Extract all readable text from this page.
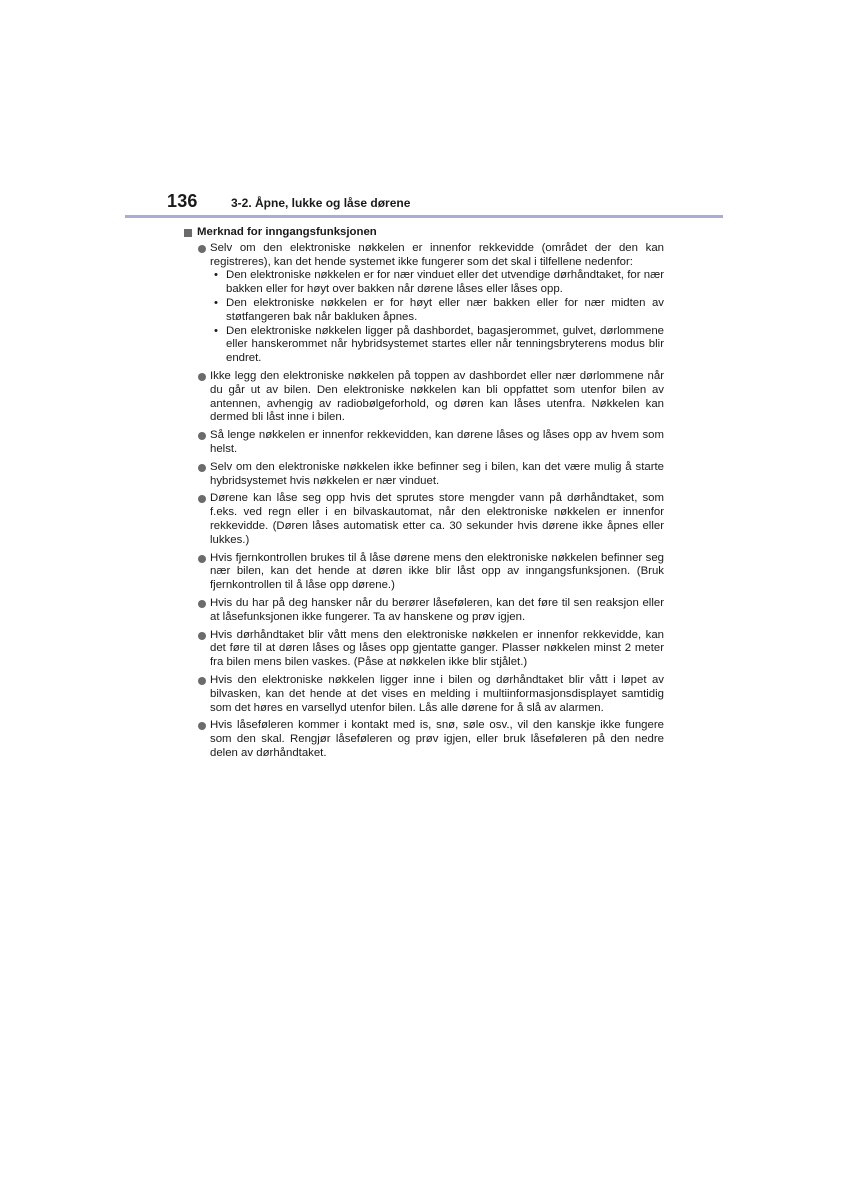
136	3-2. Åpne, lukke og låse dørene
Merknad for inngangsfunksjonen
Selv om den elektroniske nøkkelen er innenfor rekkevidde (området der den kan registreres), kan det hende systemet ikke fungerer som det skal i tilfellene nedenfor:
• Den elektroniske nøkkelen er for nær vinduet eller det utvendige dørhåndtaket, for nær bakken eller for høyt over bakken når dørene låses eller låses opp.
• Den elektroniske nøkkelen er for høyt eller nær bakken eller for nær midten av støtfangeren bak når bakluken åpnes.
• Den elektroniske nøkkelen ligger på dashbordet, bagasjerommet, gulvet, dørlommene eller hanskerommet når hybridsystemet startes eller når tenningsbryterens modus blir endret.
Ikke legg den elektroniske nøkkelen på toppen av dashbordet eller nær dørlommene når du går ut av bilen. Den elektroniske nøkkelen kan bli oppfattet som utenfor bilen av antennen, avhengig av radiobølgeforhold, og døren kan låses utenfra. Nøkkelen kan dermed bli låst inne i bilen.
Så lenge nøkkelen er innenfor rekkevidden, kan dørene låses og låses opp av hvem som helst.
Selv om den elektroniske nøkkelen ikke befinner seg i bilen, kan det være mulig å starte hybridsystemet hvis nøkkelen er nær vinduet.
Dørene kan låse seg opp hvis det sprutes store mengder vann på dørhåndtaket, som f.eks. ved regn eller i en bilvaskautomat, når den elektroniske nøkkelen er innenfor rekkevidde. (Døren låses automatisk etter ca. 30 sekunder hvis dørene ikke åpnes eller lukkes.)
Hvis fjernkontrollen brukes til å låse dørene mens den elektroniske nøkkelen befinner seg nær bilen, kan det hende at døren ikke blir låst opp av inngangsfunksjonen. (Bruk fjernkontrollen til å låse opp dørene.)
Hvis du har på deg hansker når du berører låseføleren, kan det føre til sen reaksjon eller at låsefunksjonen ikke fungerer. Ta av hanskene og prøv igjen.
Hvis dørhåndtaket blir vått mens den elektroniske nøkkelen er innenfor rekkevidde, kan det føre til at døren låses og låses opp gjentatte ganger. Plasser nøkkelen minst 2 meter fra bilen mens bilen vaskes. (Påse at nøkkelen ikke blir stjålet.)
Hvis den elektroniske nøkkelen ligger inne i bilen og dørhåndtaket blir vått i løpet av bilvasken, kan det hende at det vises en melding i multiinformasjonsdisplayet samtidig som det høres en varsellyd utenfor bilen. Lås alle dørene for å slå av alarmen.
Hvis låseføleren kommer i kontakt med is, snø, søle osv., vil den kanskje ikke fungere som den skal. Rengjør låseføleren og prøv igjen, eller bruk låseføleren på den nedre delen av dørhåndtaket.
